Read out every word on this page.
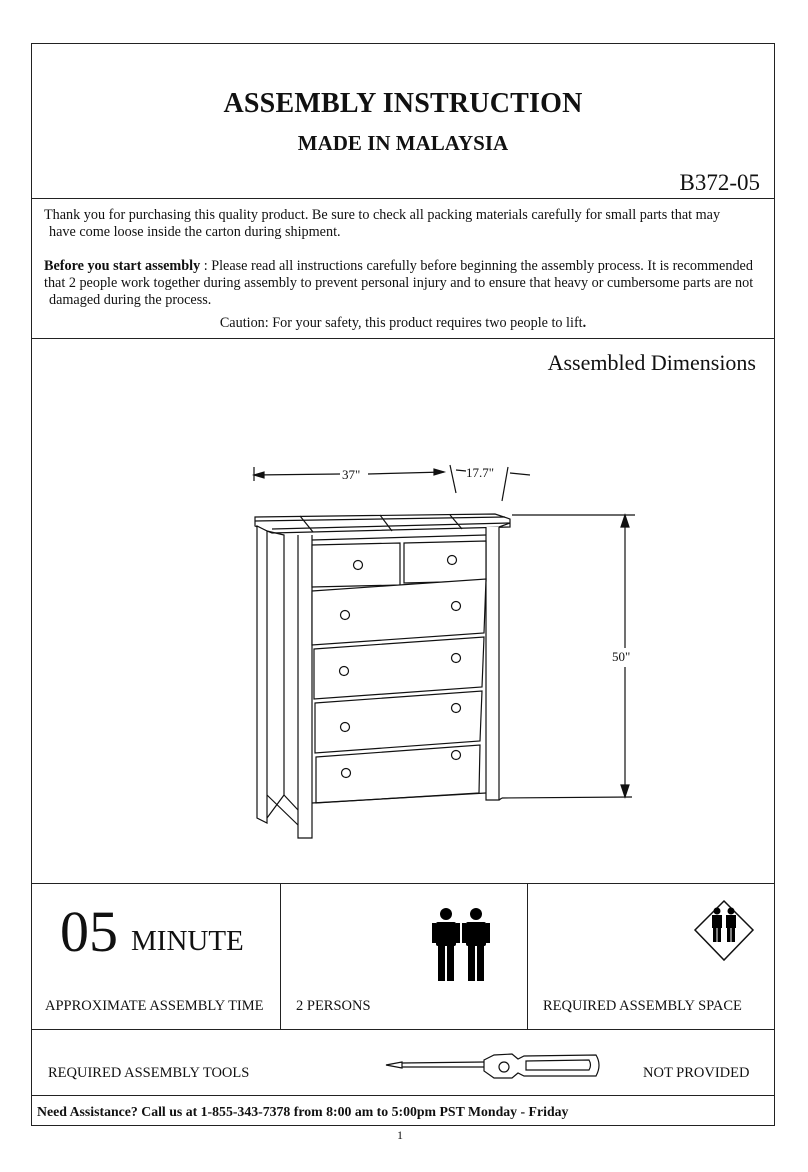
ASSEMBLY INSTRUCTION
MADE IN MALAYSIA
B372-05

Thank you for purchasing this quality product. Be sure to check all packing materials carefully for small parts that may

have come loose inside the carton during shipment.

Before you start assembly : Please read all instructions carefully before beginning the assembly process. It is recommended
that 2 people work together during assembly to prevent personal injury and to ensure that heavy or cumbersome parts are not
damaged during the process.
Caution: For your safety, this product requires two people to lift.
Assembled Dimensions
37"	17.7"
50"
05 MINUTE
APPROXIMATE ASSEMBLY TIME 2 PERSONS	REQUIRED ASSEMBLY SPACE
REQUIRED ASSEMBLY TOOLS	NOT PROVIDED
Need Assistance? Call us at 1-855-343-7378 from 8:00 am to 5:00pm PST Monday - Friday
1
